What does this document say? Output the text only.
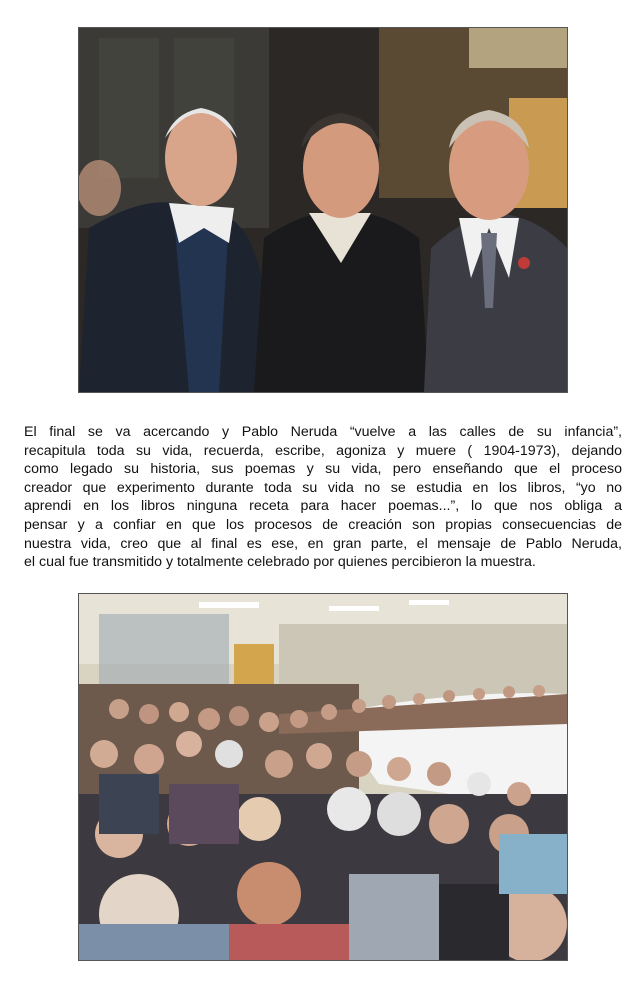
El final se va acercando y Pablo Neruda “vuelve a las calles de su infancia”,
recapitula toda su vida, recuerda, escribe, agoniza y muere ( 1904-1973), dejando
como legado su historia, sus poemas y su vida, pero enseñando que el proceso
creador que experimento durante toda su vida no se estudia en los libros, “yo no
aprendi en los libros ninguna receta para hacer poemas...”, lo que nos obliga a
pensar y a confiar en que los procesos de creación son propias consecuencias de
nuestra vida, creo que al final es ese, en gran parte, el mensaje de Pablo Neruda,
el cual fue transmitido y totalmente celebrado por quienes percibieron la muestra.
